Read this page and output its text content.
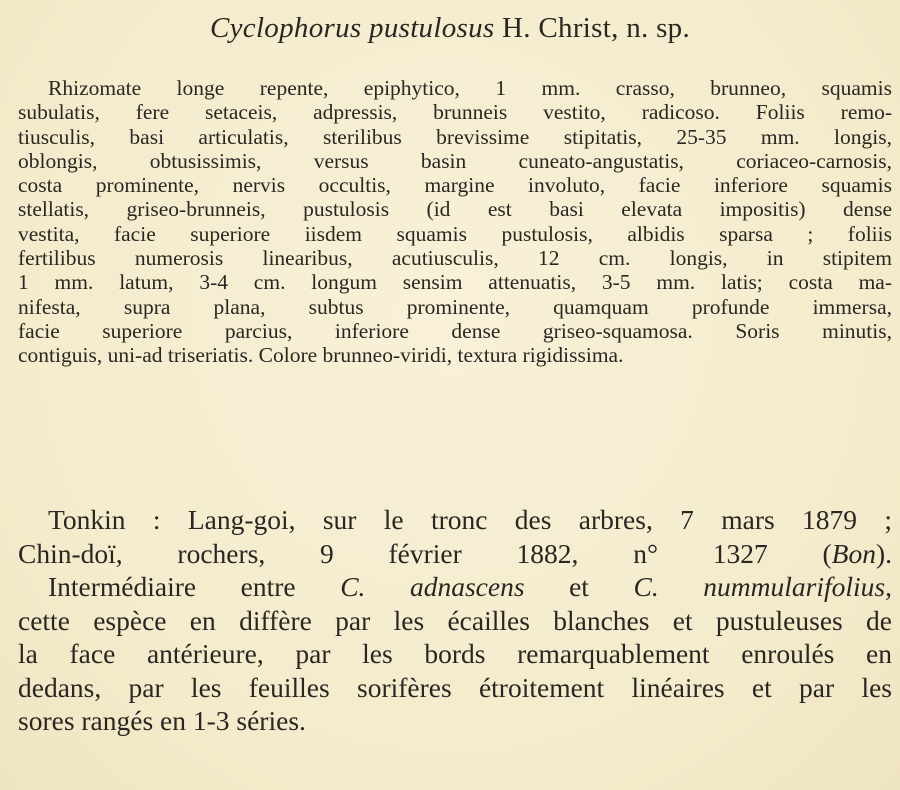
Cyclophorus pustulosus H. Christ, n. sp.
Rhizomate longe repente, epiphytico, 1 mm. crasso, brunneo, squamis
subulatis, fere setaceis, adpressis, brunneis vestito, radicoso. Foliis remo-
tiusculis, basi articulatis, sterilibus brevissime stipitatis, 25-35 mm. longis,
oblongis, obtusissimis, versus basin cuneato-angustatis, coriaceo-carnosis,
costa prominente, nervis occultis, margine involuto, facie inferiore squamis
stellatis, griseo-brunneis, pustulosis (id est basi elevata impositis) dense
vestita, facie superiore iisdem squamis pustulosis, albidis sparsa ; foliis
fertilibus numerosis linearibus, acutiusculis, 12 cm. longis, in stipitem
1 mm. latum, 3-4 cm. longum sensim attenuatis, 3-5 mm. latis; costa ma-
nifesta, supra plana, subtus prominente, quamquam profunde immersa,
facie superiore parcius, inferiore dense griseo-squamosa. Soris minutis,
contiguis, uni-ad triseriatis. Colore brunneo-viridi, textura rigidissima.
Tonkin : Lang-goi, sur le tronc des arbres, 7 mars 1879 ;
Chin-doï, rochers, 9 février 1882, n° 1327 (Bon).
Intermédiaire entre C. adnascens et C. nummularifolius,
cette espèce en diffère par les écailles blanches et pustuleuses de
la face antérieure, par les bords remarquablement enroulés en
dedans, par les feuilles sorifères étroitement linéaires et par les
sores rangés en 1-3 séries.
